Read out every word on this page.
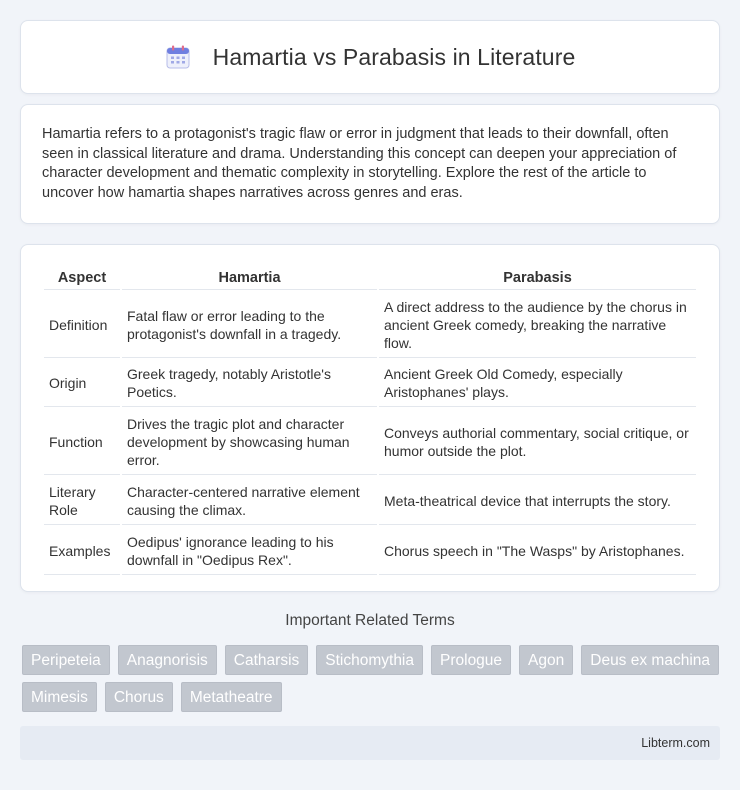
Hamartia vs Parabasis in Literature

Hamartia refers to a protagonist's tragic flaw or error in judgment that leads to their downfall, often seen in classical literature and drama. Understanding this concept can deepen your appreciation of character development and thematic complexity in storytelling. Explore the rest of the article to uncover how hamartia shapes narratives across genres and eras.

Aspect	Hamartia	Parabasis
Definition	Fatal flaw or error leading to the protagonist's downfall in a tragedy.	A direct address to the audience by the chorus in ancient Greek comedy, breaking the narrative flow.
Origin	Greek tragedy, notably Aristotle's Poetics.	Ancient Greek Old Comedy, especially Aristophanes' plays.
Function	Drives the tragic plot and character development by showcasing human error.	Conveys authorial commentary, social critique, or humor outside the plot.
Literary Role	Character-centered narrative element causing the climax.	Meta-theatrical device that interrupts the story.
Examples	Oedipus' ignorance leading to his downfall in "Oedipus Rex".	Chorus speech in "The Wasps" by Aristophanes.
Important Related Terms
Peripeteia	Anagnorisis	Catharsis	Stichomythia	Prologue	Agon	Deus ex machina
Mimesis	Chorus	Metatheatre
Libterm.com
